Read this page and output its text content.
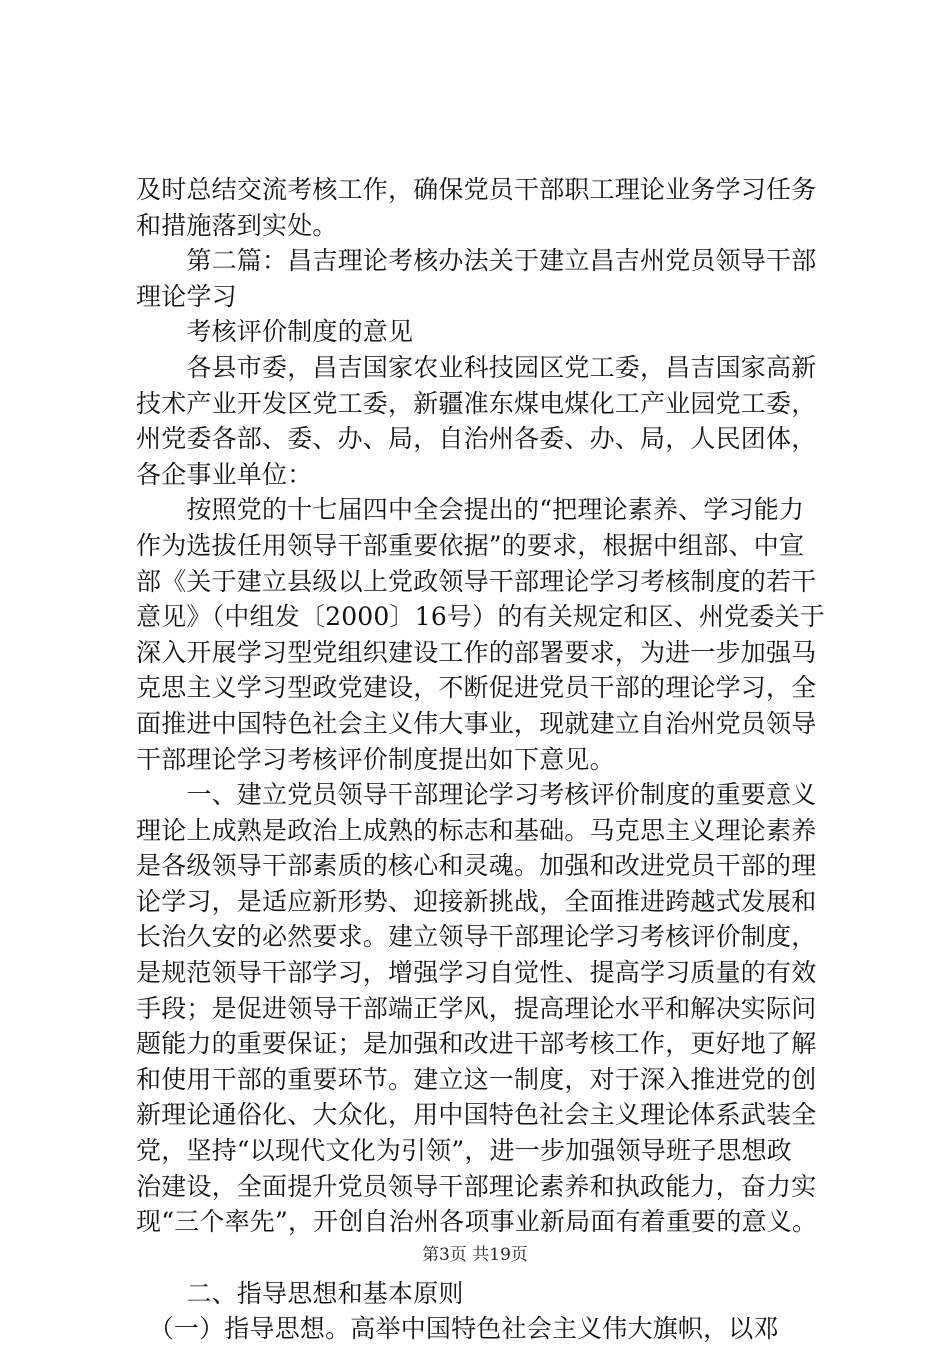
及时总结交流考核工作，确保党员干部职工理论业务学习任务
和措施落到实处。
　　第二篇：昌吉理论考核办法关于建立昌吉州党员领导干部
理论学习
　　考核评价制度的意见
　　各县市委，昌吉国家农业科技园区党工委，昌吉国家高新
技术产业开发区党工委，新疆准东煤电煤化工产业园党工委，
州党委各部、委、办、局，自治州各委、办、局，人民团体，
各企事业单位：
　　按照党的十七届四中全会提出的“把理论素养、学习能力
作为选拔任用领导干部重要依据”的要求，根据中组部、中宣
部《关于建立县级以上党政领导干部理论学习考核制度的若干
意见》（中组发〔2000〕16号）的有关规定和区、州党委关于
深入开展学习型党组织建设工作的部署要求，为进一步加强马
克思主义学习型政党建设，不断促进党员干部的理论学习，全
面推进中国特色社会主义伟大事业，现就建立自治州党员领导
干部理论学习考核评价制度提出如下意见。
　　一、建立党员领导干部理论学习考核评价制度的重要意义
理论上成熟是政治上成熟的标志和基础。马克思主义理论素养
是各级领导干部素质的核心和灵魂。加强和改进党员干部的理
论学习，是适应新形势、迎接新挑战，全面推进跨越式发展和
长治久安的必然要求。建立领导干部理论学习考核评价制度，
是规范领导干部学习，增强学习自觉性、提高学习质量的有效
手段；是促进领导干部端正学风，提高理论水平和解决实际问
题能力的重要保证；是加强和改进干部考核工作，更好地了解
和使用干部的重要环节。建立这一制度，对于深入推进党的创
新理论通俗化、大众化，用中国特色社会主义理论体系武装全
党，坚持“以现代文化为引领”，进一步加强领导班子思想政
治建设，全面提升党员领导干部理论素养和执政能力，奋力实
现“三个率先”，开创自治州各项事业新局面有着重要的意义。
　　二、指导思想和基本原则
　（一）指导思想。高举中国特色社会主义伟大旗帜，以邓
第3页 共19页
